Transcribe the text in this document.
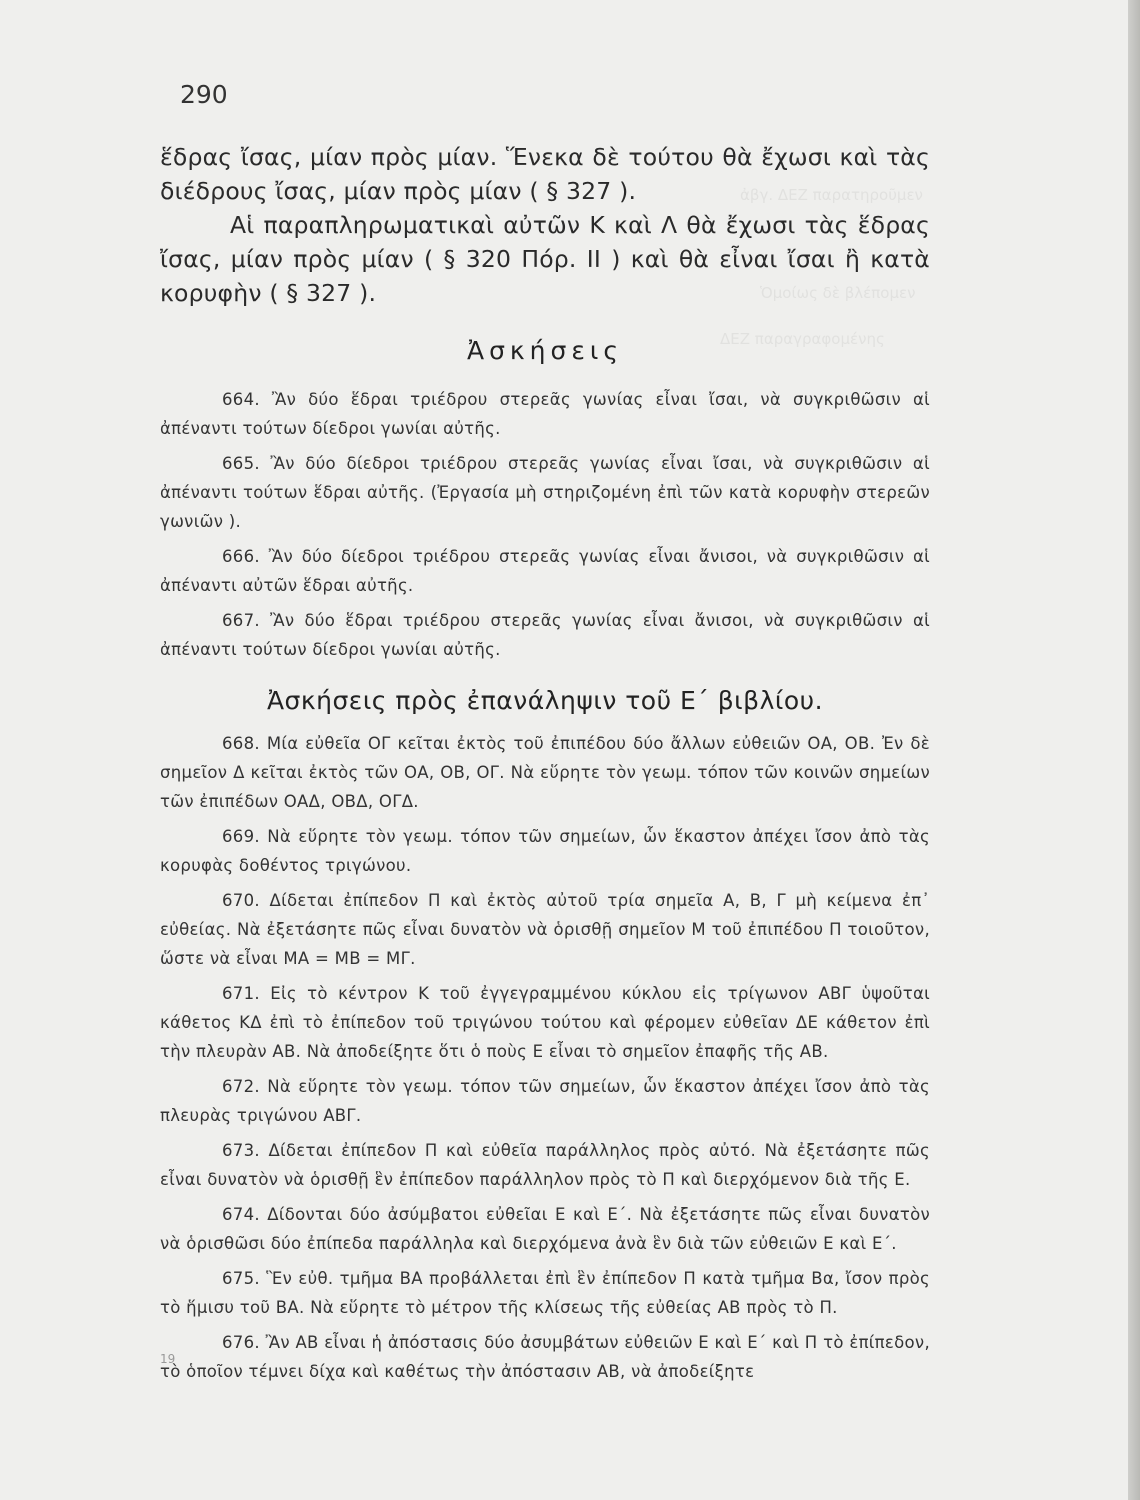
ἀβγ. ΔΕΖ παρατηροῦμεν
Ὁμοίως δὲ βλέπομεν
ΔΕΖ παραγραφομένης
290

ἕδρας ἴσας, μίαν πρὸς μίαν. Ἕνεκα δὲ τούτου θὰ ἔχωσι καὶ τὰς διέδρους ἴσας, μίαν πρὸς μίαν ( § 327 ).

Αἱ παραπληρωματικαὶ αὐτῶν Κ καὶ Λ θὰ ἔχωσι τὰς ἕδρας ἴσας, μίαν πρὸς μίαν ( § 320 Πόρ. ΙΙ ) καὶ θὰ εἶναι ἴσαι ἢ κατὰ κορυφὴν ( § 327 ).

Ἀσκήσεις

664. Ἂν δύο ἕδραι τριέδρου στερεᾶς γωνίας εἶναι ἴσαι, νὰ συγκριθῶσιν αἱ ἀπέναντι τούτων δίεδροι γωνίαι αὐτῆς.

665. Ἂν δύο δίεδροι τριέδρου στερεᾶς γωνίας εἶναι ἴσαι, νὰ συγκριθῶσιν αἱ ἀπέναντι τούτων ἕδραι αὐτῆς. (Ἐργασία μὴ στηριζομένη ἐπὶ τῶν κατὰ κορυφὴν στερεῶν γωνιῶν ).

666. Ἂν δύο δίεδροι τριέδρου στερεᾶς γωνίας εἶναι ἄνισοι, νὰ συγκριθῶσιν αἱ ἀπέναντι αὐτῶν ἕδραι αὐτῆς.

667. Ἂν δύο ἕδραι τριέδρου στερεᾶς γωνίας εἶναι ἄνισοι, νὰ συγκριθῶσιν αἱ ἀπέναντι τούτων δίεδροι γωνίαι αὐτῆς.

Ἀσκήσεις πρὸς ἐπανάληψιν τοῦ Ε΄ βιβλίου.

668. Μία εὐθεῖα ΟΓ κεῖται ἐκτὸς τοῦ ἐπιπέδου δύο ἄλλων εὐθειῶν ΟΑ, ΟΒ. Ἐν δὲ σημεῖον Δ κεῖται ἐκτὸς τῶν ΟΑ, ΟΒ, ΟΓ. Νὰ εὕρητε τὸν γεωμ. τόπον τῶν κοινῶν σημείων τῶν ἐπιπέδων ΟΑΔ, ΟΒΔ, ΟΓΔ.

669. Νὰ εὕρητε τὸν γεωμ. τόπον τῶν σημείων, ὧν ἕκαστον ἀπέχει ἴσον ἀπὸ τὰς κορυφὰς δοθέντος τριγώνου.

670. Δίδεται ἐπίπεδον Π καὶ ἐκτὸς αὐτοῦ τρία σημεῖα Α, Β, Γ μὴ κείμενα ἐπ᾿ εὐθείας. Νὰ ἐξετάσητε πῶς εἶναι δυνατὸν νὰ ὁρισθῇ σημεῖον Μ τοῦ ἐπιπέδου Π τοιοῦτον, ὥστε νὰ εἶναι ΜΑ = ΜΒ = ΜΓ.

671. Εἰς τὸ κέντρον Κ τοῦ ἐγγεγραμμένου κύκλου εἰς τρίγωνον ΑΒΓ ὑψοῦται κάθετος ΚΔ ἐπὶ τὸ ἐπίπεδον τοῦ τριγώνου τούτου καὶ φέρομεν εὐθεῖαν ΔΕ κάθετον ἐπὶ τὴν πλευρὰν ΑΒ. Νὰ ἀποδείξητε ὅτι ὁ ποὺς Ε εἶναι τὸ σημεῖον ἐπαφῆς τῆς ΑΒ.

672. Νὰ εὕρητε τὸν γεωμ. τόπον τῶν σημείων, ὧν ἕκαστον ἀπέχει ἴσον ἀπὸ τὰς πλευρὰς τριγώνου ΑΒΓ.

673. Δίδεται ἐπίπεδον Π καὶ εὐθεῖα παράλληλος πρὸς αὐτό. Νὰ ἐξετάσητε πῶς εἶναι δυνατὸν νὰ ὁρισθῇ ἓν ἐπίπεδον παράλληλον πρὸς τὸ Π καὶ διερχόμενον διὰ τῆς Ε.

674. Δίδονται δύο ἀσύμβατοι εὐθεῖαι Ε καὶ Ε΄. Νὰ ἐξετάσητε πῶς εἶναι δυνατὸν νὰ ὁρισθῶσι δύο ἐπίπεδα παράλληλα καὶ διερχόμενα ἀνὰ ἓν διὰ τῶν εὐθειῶν Ε καὶ Ε΄.

675. Ἓν εὐθ. τμῆμα ΒΑ προβάλλεται ἐπὶ ἓν ἐπίπεδον Π κατὰ τμῆμα Βα, ἴσον πρὸς τὸ ἥμισυ τοῦ ΒΑ. Νὰ εὕρητε τὸ μέτρον τῆς κλίσεως τῆς εὐθείας ΑΒ πρὸς τὸ Π.

676. Ἂν ΑΒ εἶναι ἡ ἀπόστασις δύο ἀσυμβάτων εὐθειῶν Ε καὶ Ε΄ καὶ Π τὸ ἐπίπεδον, τὸ ὁποῖον τέμνει δίχα καὶ καθέτως τὴν ἀπόστασιν ΑΒ, νὰ ἀποδείξητε

19
